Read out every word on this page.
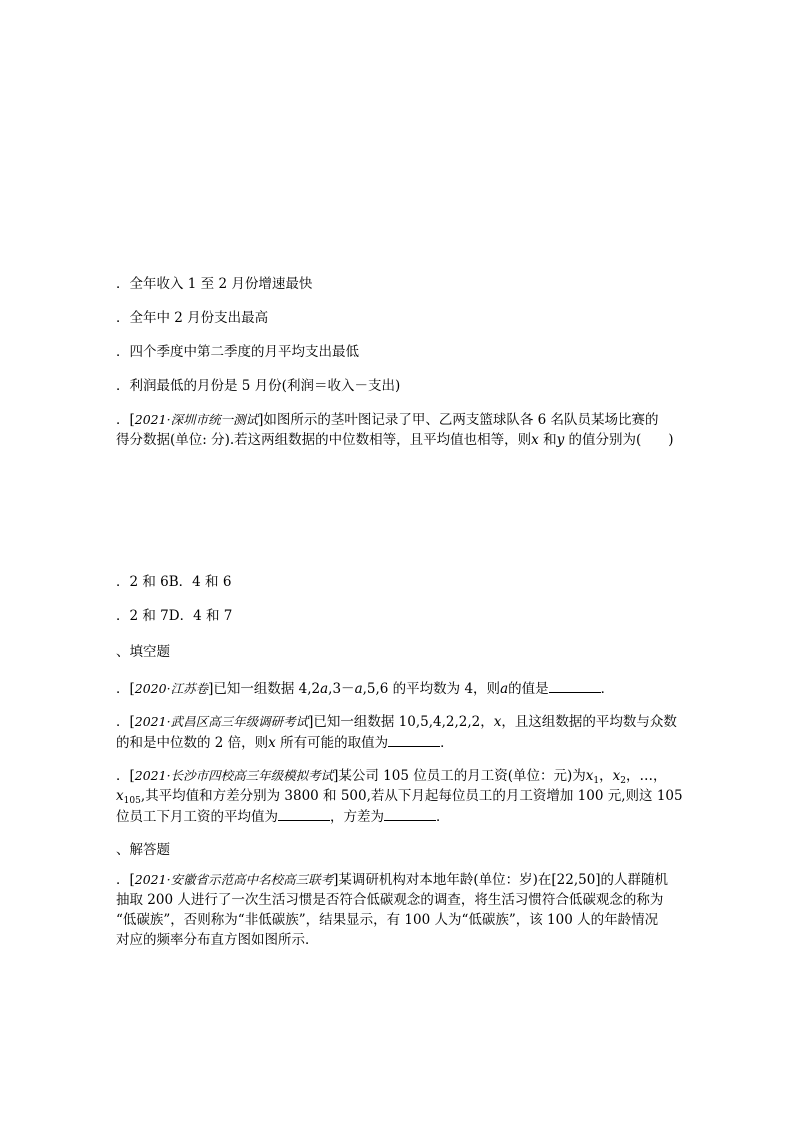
．全年收入 1 至 2 月份增速最快
．全年中 2 月份支出最高
．四个季度中第二季度的月平均支出最低
．利润最低的月份是 5 月份(利润＝收入－支出)

．[2021·深圳市统一测试]如图所示的茎叶图记录了甲、乙两支篮球队各 6 名队员某场比赛的

得分数据(单位: 分).若这两组数据的中位数相等，且平均值也相等，则x 和y 的值分别为(　　)

．2 和 6B．4 和 6
．2 和 7D．4 和 7
、填空题

．[2020·江苏卷]已知一组数据 4,2a,3－a,5,6 的平均数为 4，则a的值是	．

．[2021·武昌区高三年级调研考试]已知一组数据 10,5,4,2,2,2，x，且这组数据的平均数与众数

的和是中位数的 2 倍，则x 所有可能的取值为	．

．[2021·长沙市四校高三年级模拟考试]某公司 105 位员工的月工资(单位：元)为$x_1$，$x_2$，…，

$x_{105}$,其平均值和方差分别为 3800 和 500,若从下月起每位员工的月工资增加 100 元,则这 105

位员工下月工资的平均值为	，方差为	．

、解答题

．[2021·安徽省示范高中名校高三联考]某调研机构对本地年龄(单位：岁)在[22,50]的人群随机

抽取 200 人进行了一次生活习惯是否符合低碳观念的调查，将生活习惯符合低碳观念的称为

“低碳族”，否则称为“非低碳族”，结果显示，有 100 人为“低碳族”，该 100 人的年龄情况

对应的频率分布直方图如图所示．
